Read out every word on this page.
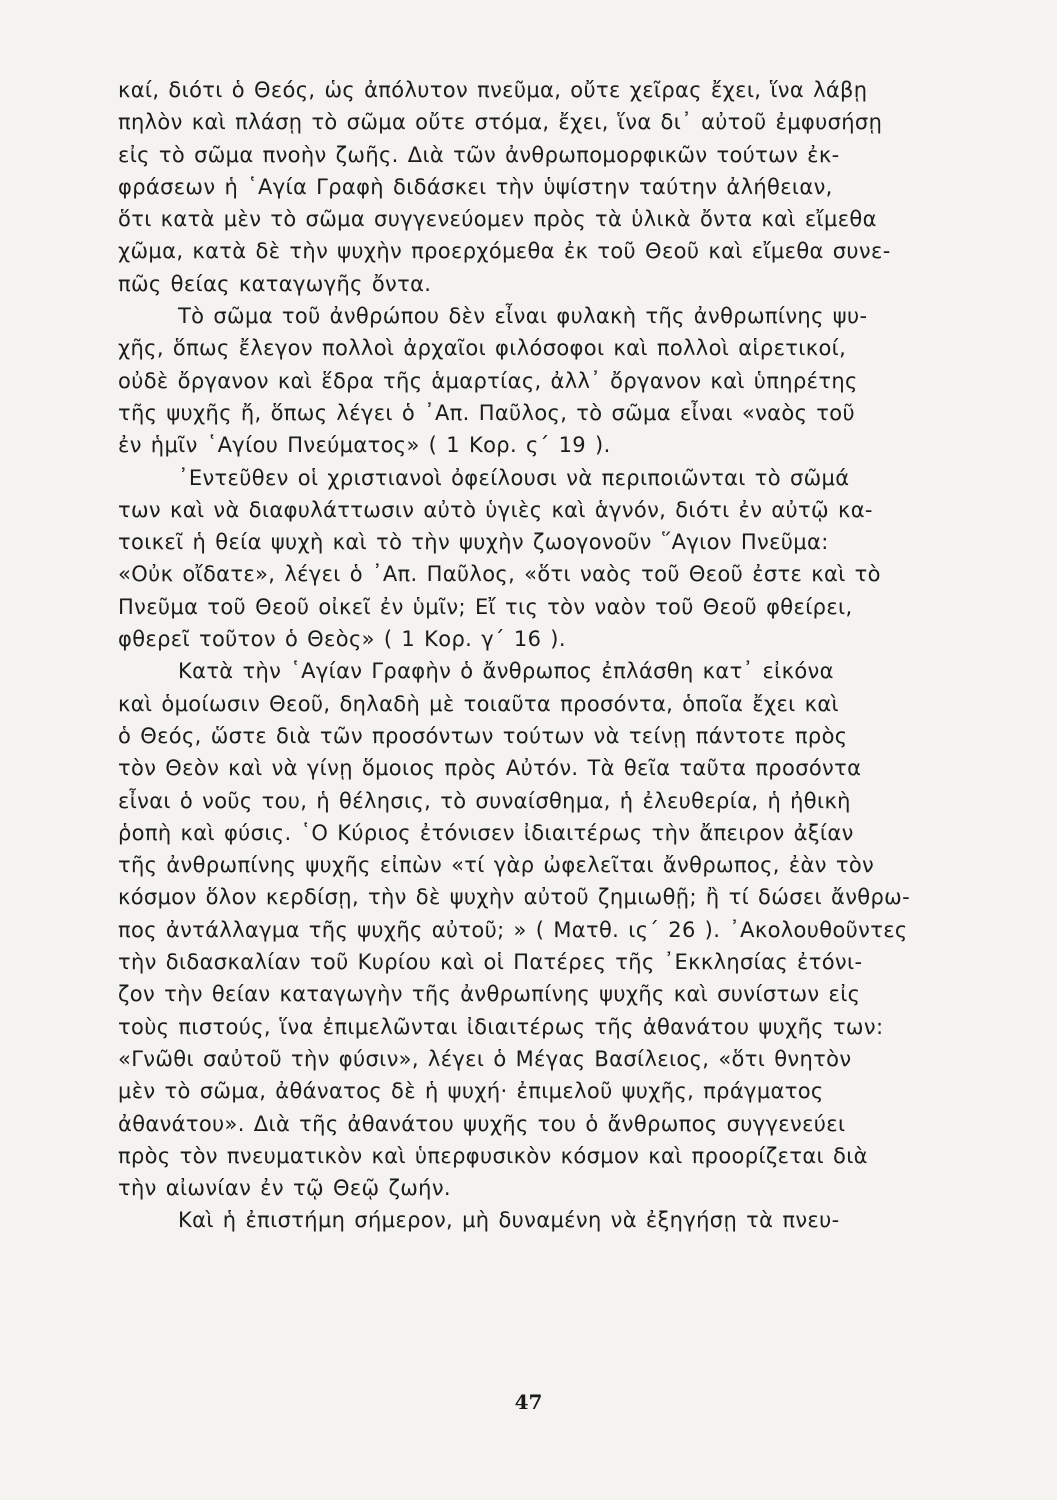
καί, διότι ὁ Θεός, ὡς ἀπόλυτον πνεῦμα, οὔτε χεῖρας ἔχει, ἵνα λάβῃ
πηλὸν καὶ πλάσῃ τὸ σῶμα οὔτε στόμα, ἔχει, ἵνα δι᾿ αὐτοῦ ἐμφυσήσῃ
εἰς τὸ σῶμα πνοὴν ζωῆς. Διὰ τῶν ἀνθρωπομορφικῶν τούτων ἐκ-
φράσεων ἡ ῾Αγία Γραφὴ διδάσκει τὴν ὑψίστην ταύτην ἀλήθειαν,
ὅτι κατὰ μὲν τὸ σῶμα συγγενεύομεν πρὸς τὰ ὑλικὰ ὄντα καὶ εἴμεθα
χῶμα, κατὰ δὲ τὴν ψυχὴν προερχόμεθα ἐκ τοῦ Θεοῦ καὶ εἴμεθα συνε-
πῶς θείας καταγωγῆς ὄντα.
Τὸ σῶμα τοῦ ἀνθρώπου δὲν εἶναι φυλακὴ τῆς ἀνθρωπίνης ψυ-
χῆς, ὅπως ἔλεγον πολλοὶ ἀρχαῖοι φιλόσοφοι καὶ πολλοὶ αἱρετικοί,
οὐδὲ ὄργανον καὶ ἕδρα τῆς ἁμαρτίας, ἀλλ᾿ ὄργανον καὶ ὑπηρέτης
τῆς ψυχῆς ἤ, ὅπως λέγει ὁ ᾿Απ. Παῦλος, τὸ σῶμα εἶναι «ναὸς τοῦ
ἐν ἡμῖν ῾Αγίου Πνεύματος» ( 1 Κορ. ς΄ 19 ).
᾿Εντεῦθεν οἱ χριστιανοὶ ὀφείλουσι νὰ περιποιῶνται τὸ σῶμά
των καὶ νὰ διαφυλάττωσιν αὐτὸ ὑγιὲς καὶ ἁγνόν, διότι ἐν αὐτῷ κα-
τοικεῖ ἡ θεία ψυχὴ καὶ τὸ τὴν ψυχὴν ζωογονοῦν ῞Αγιον Πνεῦμα:
«Οὐκ οἴδατε», λέγει ὁ ᾿Απ. Παῦλος, «ὅτι ναὸς τοῦ Θεοῦ ἐστε καὶ τὸ
Πνεῦμα τοῦ Θεοῦ οἰκεῖ ἐν ὑμῖν; Εἴ τις τὸν ναὸν τοῦ Θεοῦ φθείρει,
φθερεῖ τοῦτον ὁ Θεὸς» ( 1 Κορ. γ΄ 16 ).
Κατὰ τὴν ῾Αγίαν Γραφὴν ὁ ἄνθρωπος ἐπλάσθη κατ᾿ εἰκόνα
καὶ ὁμοίωσιν Θεοῦ, δηλαδὴ μὲ τοιαῦτα προσόντα, ὁποῖα ἔχει καὶ
ὁ Θεός, ὥστε διὰ τῶν προσόντων τούτων νὰ τείνῃ πάντοτε πρὸς
τὸν Θεὸν καὶ νὰ γίνῃ ὅμοιος πρὸς Αὐτόν. Τὰ θεῖα ταῦτα προσόντα
εἶναι ὁ νοῦς του, ἡ θέλησις, τὸ συναίσθημα, ἡ ἐλευθερία, ἡ ἠθικὴ
ῥοπὴ καὶ φύσις. ῾Ο Κύριος ἐτόνισεν ἰδιαιτέρως τὴν ἄπειρον ἀξίαν
τῆς ἀνθρωπίνης ψυχῆς εἰπὼν «τί γὰρ ὠφελεῖται ἄνθρωπος, ἐὰν τὸν
κόσμον ὅλον κερδίσῃ, τὴν δὲ ψυχὴν αὐτοῦ ζημιωθῇ; ἢ τί δώσει ἄνθρω-
πος ἀντάλλαγμα τῆς ψυχῆς αὐτοῦ; » ( Ματθ. ις΄ 26 ). ᾿Ακολουθοῦντες
τὴν διδασκαλίαν τοῦ Κυρίου καὶ οἱ Πατέρες τῆς ᾿Εκκλησίας ἐτόνι-
ζον τὴν θείαν καταγωγὴν τῆς ἀνθρωπίνης ψυχῆς καὶ συνίστων εἰς
τοὺς πιστούς, ἵνα ἐπιμελῶνται ἰδιαιτέρως τῆς ἀθανάτου ψυχῆς των:
«Γνῶθι σαὐτοῦ τὴν φύσιν», λέγει ὁ Μέγας Βασίλειος, «ὅτι θνητὸν
μὲν τὸ σῶμα, ἀθάνατος δὲ ἡ ψυχή· ἐπιμελοῦ ψυχῆς, πράγματος
ἀθανάτου». Διὰ τῆς ἀθανάτου ψυχῆς του ὁ ἄνθρωπος συγγενεύει
πρὸς τὸν πνευματικὸν καὶ ὑπερφυσικὸν κόσμον καὶ προορίζεται διὰ
τὴν αἰωνίαν ἐν τῷ Θεῷ ζωήν.
Καὶ ἡ ἐπιστήμη σήμερον, μὴ δυναμένη νὰ ἐξηγήσῃ τὰ πνευ-
47
